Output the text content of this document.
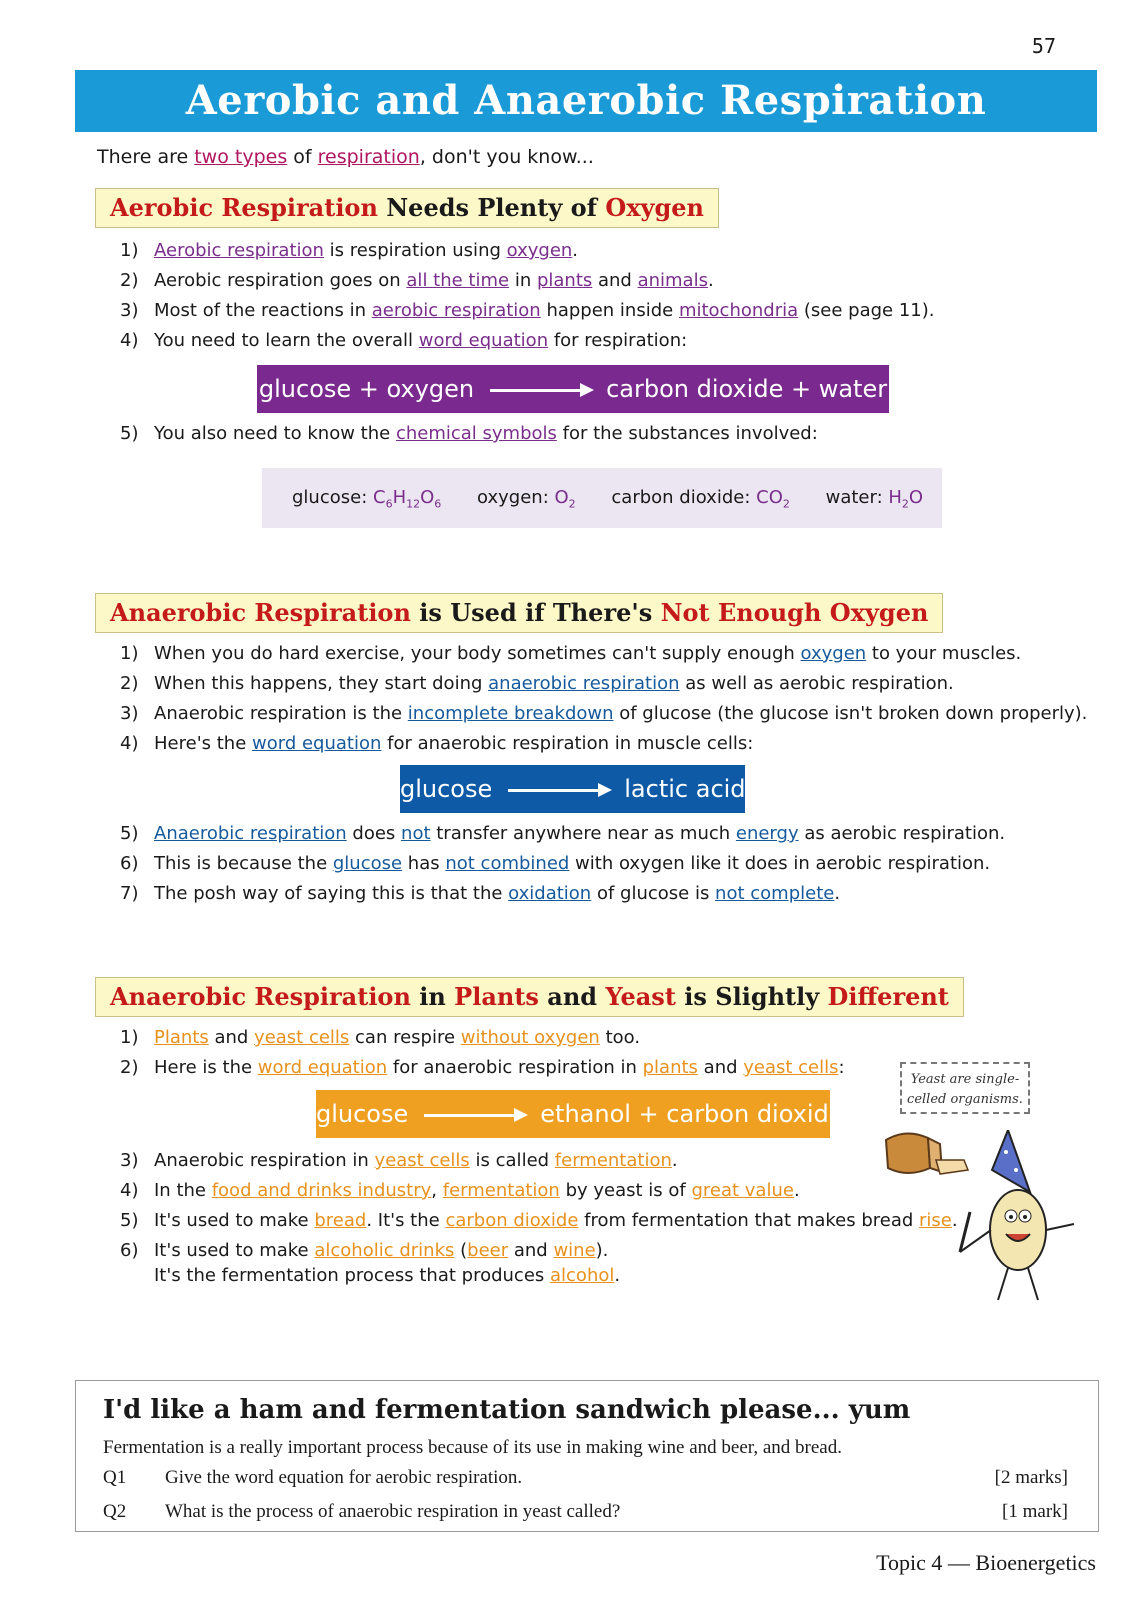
57
Aerobic and Anaerobic Respiration
There are two types of respiration, don't you know...
Aerobic Respiration Needs Plenty of Oxygen
1) Aerobic respiration is respiration using oxygen.
2) Aerobic respiration goes on all the time in plants and animals.
3) Most of the reactions in aerobic respiration happen inside mitochondria (see page 11).
4) You need to learn the overall word equation for respiration:
glucose + oxygen	carbon dioxide + water
5) You also need to know the chemical symbols for the substances involved:
glucose: $C_6H_{12}O_6$ oxygen: $O_2$ carbon dioxide: $CO_2$ water: $H_2O$
Anaerobic Respiration is Used if There's Not Enough Oxygen
1) When you do hard exercise, your body sometimes can't supply enough oxygen to your muscles.
2) When this happens, they start doing anaerobic respiration as well as aerobic respiration.
3) Anaerobic respiration is the incomplete breakdown of glucose (the glucose isn't broken down properly).
4) Here's the word equation for anaerobic respiration in muscle cells:
glucose	lactic acid
5) Anaerobic respiration does not transfer anywhere near as much energy as aerobic respiration.
6) This is because the glucose has not combined with oxygen like it does in aerobic respiration.
7) The posh way of saying this is that the oxidation of glucose is not complete.
Anaerobic Respiration in Plants and Yeast is Slightly Different
1) Plants and yeast cells can respire without oxygen too.
2) Here is the word equation for anaerobic respiration in plants and yeast cells:
glucose	ethanol + carbon dioxide
3) Anaerobic respiration in yeast cells is called fermentation.
4) In the food and drinks industry, fermentation by yeast is of great value.
5) It's used to make bread. It's the carbon dioxide from fermentation that makes bread rise.
6) It's used to make alcoholic drinks (beer and wine).
It's the fermentation process that produces alcohol.
Yeast are single-
celled organisms.
I'd like a ham and fermentation sandwich please... yum
Fermentation is a really important process because of its use in making wine and beer, and bread.
Q1 Give the word equation for aerobic respiration.	[2 marks]
Q2 What is the process of anaerobic respiration in yeast called?	[1 mark]
Topic 4 — Bioenergetics
